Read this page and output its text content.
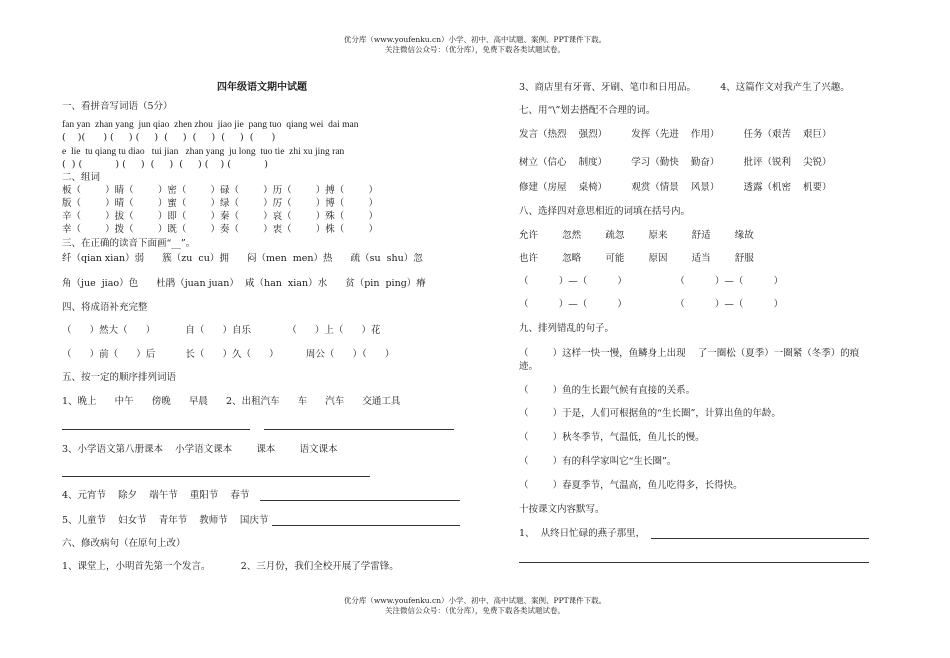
优分库（www.youfenku.cn）小学、初中、高中试题、案例、PPT课件下载。
关注微信公众号：（优分库），免费下载各类试题试卷。
四年级语文期中试题
一、看拼音写词语（5分）
fan yan  zhan yang  jun qiao  zhen zhou  jiao jie  pang tuo  qiang wei  dai man
(    )(      ) (     ) (     )  (     )  (     )  (     )  (      )
e  lie  tu qiang tu diao   tui jian   zhan yang  ju long  tuo tie  zhi xu jing ran
(  ) (           ) (     )  (     )  (     ) (    ) (           )
二、组词
板（        ）睛（        ）密（        ）碌（        ）历（        ）搏（        ）
版（        ）晴（        ）蜜（        ）绿（        ）厉（        ）博（        ）
辛（        ）拔（        ）即（        ）秦（        ）哀（        ）殊（        ）
幸（        ）拨（        ）既（        ）奏（        ）衷（        ）株（        ）
三、在正确的读音下面画“__”。
纤（qian xian）弱      簇（zu  cu）拥      闷（men  men）热      疏（su  shu）忽
角（jue  jiao）色      杜鹃（juan juan）  咸（han  xian）水      贫（pin  ping）瘠
四、将成语补充完整
（      ）然大（      ）          自（      ）自乐            （      ）上（      ）花
（      ）前（      ）后          长（      ）久（      ）         周公（      ）（      ）
五、按一定的顺序排列词语
1、晚上      中午      傍晚      早晨      2、出租汽车      车      汽车      交通工具
3、小学语文第八册课本    小学语文课本        课本        语文课本
4、元宵节    除夕    端午节    重阳节    春节
5、儿童节    妇女节    青年节    教师节    国庆节
六、修改病句（在原句上改）
1、课堂上，小明首先第一个发言。          2、三月份，我们全校开展了学雷锋。
3、商店里有牙膏、牙刷、笔巾和日用品。        4、这篇作文对我产生了兴趣。
七、用“\”划去搭配不合理的词。
发言（热烈    强烈）        发挥（先进    作用）        任务（艰苦    艰巨）
树立（信心    制度）        学习（勤快    勤奋）        批评（锐利    尖锐）
修建（房屋    桌椅）        观赏（情景    风景）        透露（机密    机要）
八、选择四对意思相近的词填在括号内。
允许        忽然        疏忽        原来        舒适        缘故
也许        忽略        可能        原因        适当        舒服
（          ）—（          ）                （          ）—（          ）
（          ）—（          ）                （          ）—（          ）
九、排列错乱的句子。
（        ）这样一快一慢，鱼鳞身上出现    了一圈松（夏季）一圈紧（冬季）的痕
迹。
（        ）鱼的生长跟气候有直接的关系。
（        ）于是，人们可根据鱼的“生长圈”，计算出鱼的年龄。
（        ）秋冬季节，气温低，鱼儿长的慢。
（        ）有的科学家叫它“生长圈”。
（        ）春夏季节，气温高，鱼儿吃得多，长得快。
十按课文内容默写。
1、  从终日忙碌的燕子那里，
优分库（www.youfenku.cn）小学、初中、高中试题、案例、PPT课件下载。
关注微信公众号：（优分库），免费下载各类试题试卷。
